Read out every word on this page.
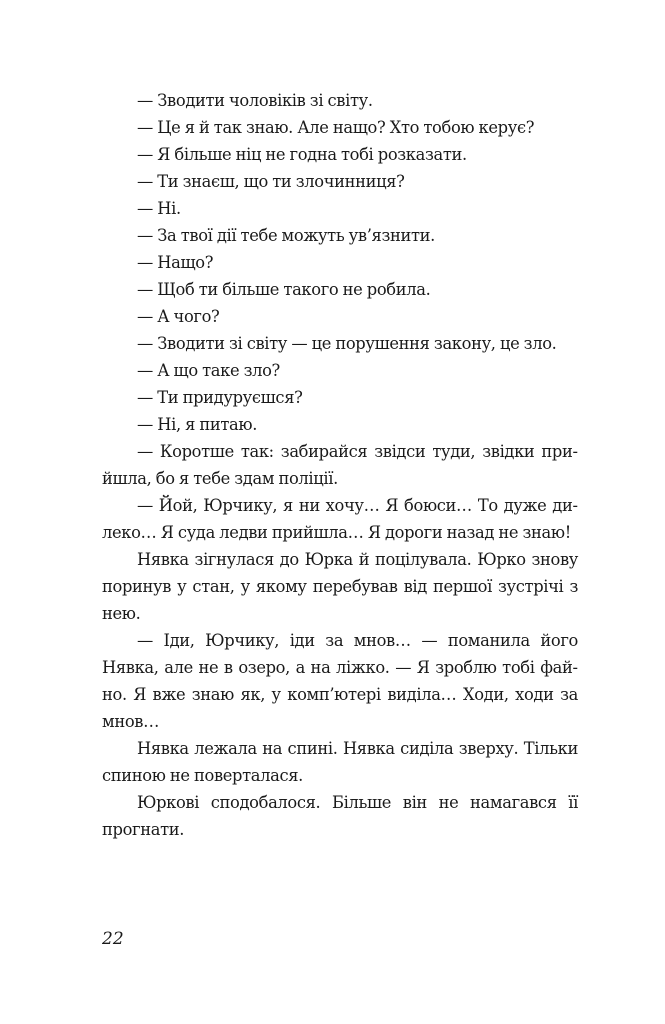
— Зводити чоловіків зі світу.

— Це я й так знаю. Але нащо? Хто тобою керує?

— Я більше ніц не годна тобі розказати.

— Ти знаєш, що ти злочинниця?

— Ні.

— За твої дії тебе можуть ув’язнити.

— Нащо?

— Щоб ти більше такого не робила.

— А чого?

— Зводити зі світу — це порушення закону, це зло.

— А що таке зло?

— Ти придуруєшся?

— Ні, я питаю.

— Коротше так: забирайся звідси туди, звідки прийшла, бо я тебе здам поліції.

— Йой, Юрчику, я ни хочу… Я боюси… То дуже дилеко… Я суда ледви прийшла… Я дороги назад не знаю!

Нявка зігнулася до Юрка й поцілувала. Юрко знову поринув у стан, у якому перебував від першої зустрічі з нею.

— Іди, Юрчику, іди за мнов… — поманила його Нявка, але не в озеро, а на ліжко. — Я зроблю тобі файно. Я вже знаю як, у комп’ютері виділа… Ходи, ходи за мнов…

Нявка лежала на спині. Нявка сиділа зверху. Тільки спиною не поверталася.

Юркові сподобалося. Більше він не намагався її прогнати.

22
